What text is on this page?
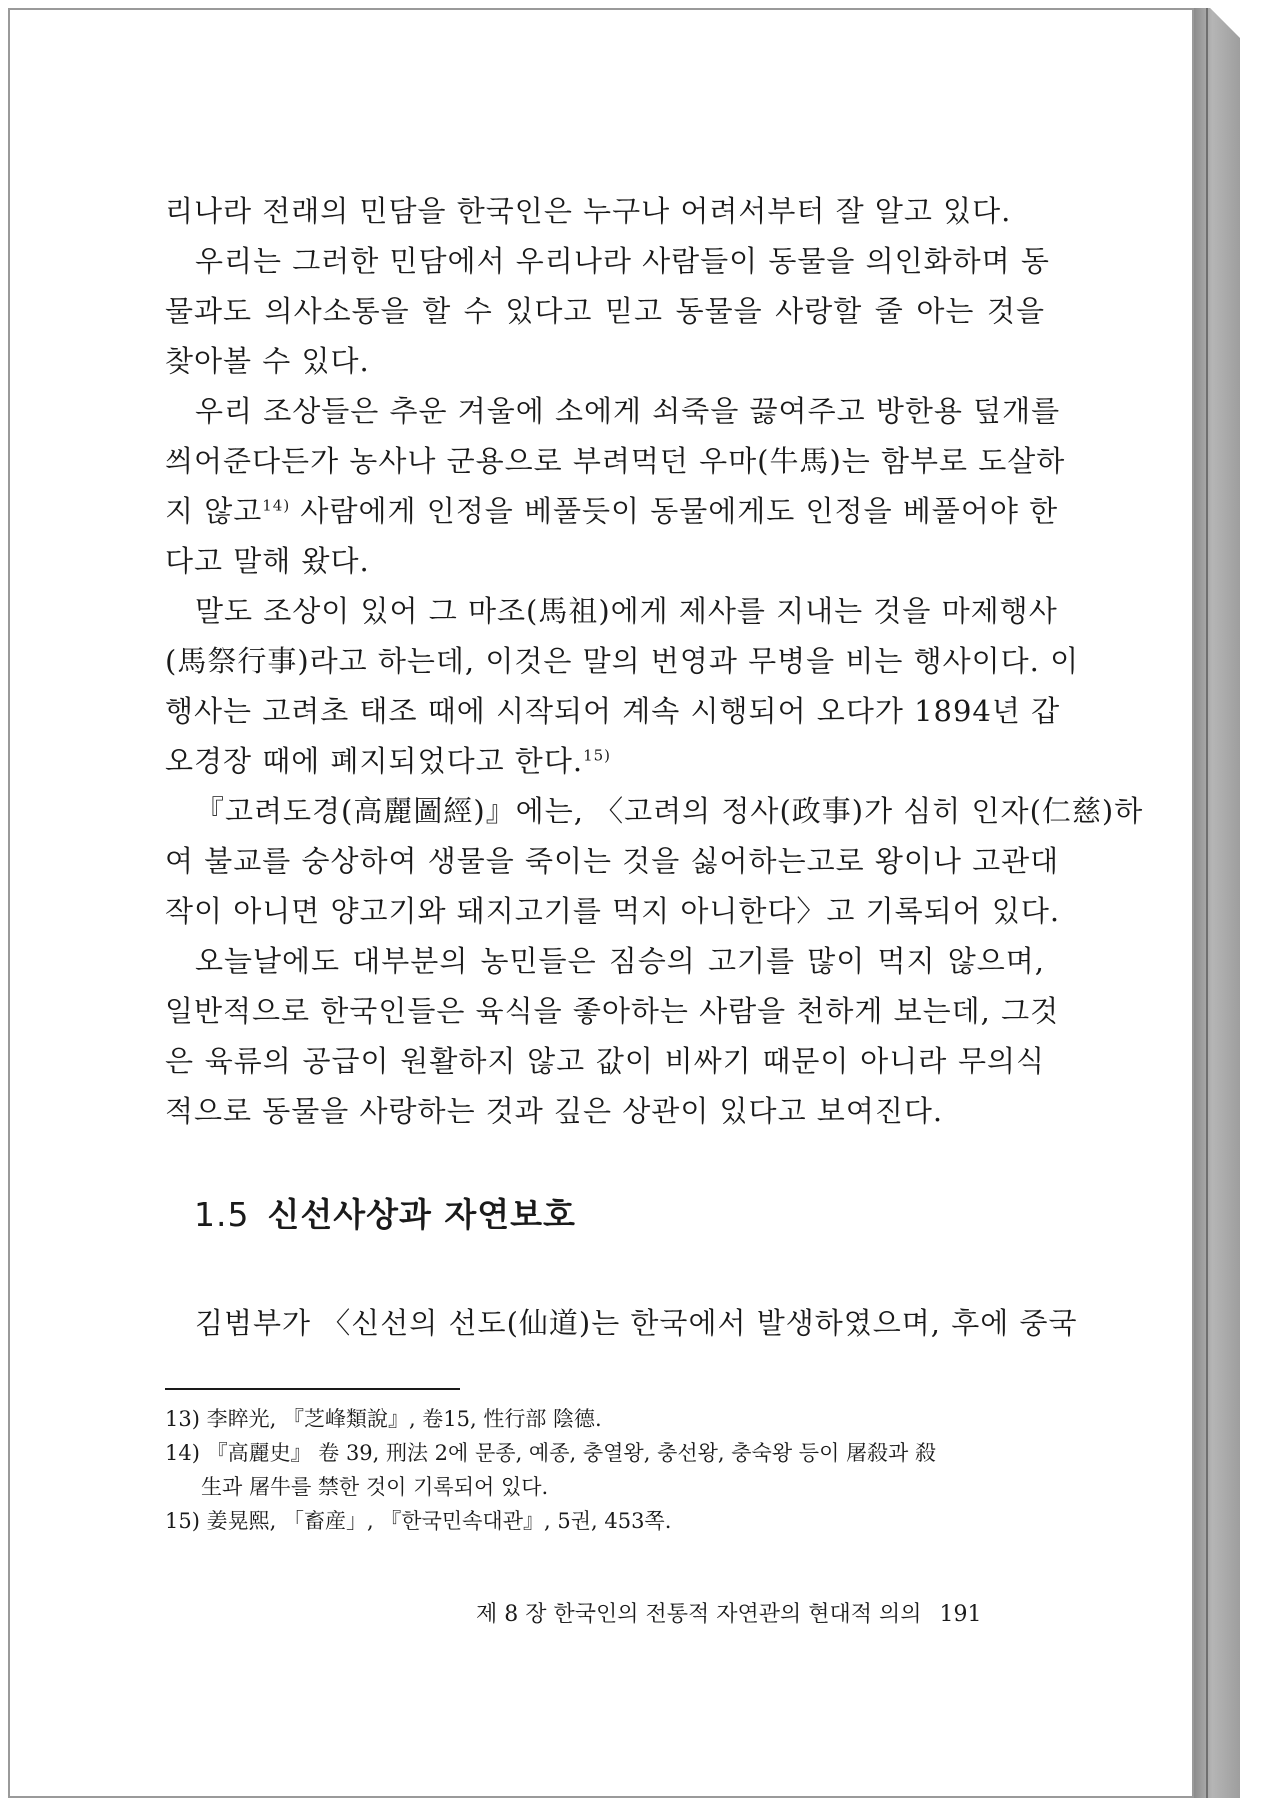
리나라 전래의 민담을 한국인은 누구나 어려서부터 잘 알고 있다.
우리는 그러한 민담에서 우리나라 사람들이 동물을 의인화하며 동
물과도 의사소통을 할 수 있다고 믿고 동물을 사랑할 줄 아는 것을
찾아볼 수 있다.
우리 조상들은 추운 겨울에 소에게 쇠죽을 끓여주고 방한용 덮개를
씌어준다든가 농사나 군용으로 부려먹던 우마(牛馬)는 함부로 도살하
지 않고$^{14)}$ 사람에게 인정을 베풀듯이 동물에게도 인정을 베풀어야 한
다고 말해 왔다.
말도 조상이 있어 그 마조(馬祖)에게 제사를 지내는 것을 마제행사
(馬祭行事)라고 하는데, 이것은 말의 번영과 무병을 비는 행사이다. 이
행사는 고려초 태조 때에 시작되어 계속 시행되어 오다가 1894년 갑
오경장 때에 폐지되었다고 한다.$^{15)}$
『고려도경(高麗圖經)』에는, 〈고려의 정사(政事)가 심히 인자(仁慈)하
여 불교를 숭상하여 생물을 죽이는 것을 싫어하는고로 왕이나 고관대
작이 아니면 양고기와 돼지고기를 먹지 아니한다〉고 기록되어 있다.
오늘날에도 대부분의 농민들은 짐승의 고기를 많이 먹지 않으며,
일반적으로 한국인들은 육식을 좋아하는 사람을 천하게 보는데, 그것
은 육류의 공급이 원활하지 않고 값이 비싸기 때문이 아니라 무의식
적으로 동물을 사랑하는 것과 깊은 상관이 있다고 보여진다.
1.5 신선사상과 자연보호
김범부가 〈신선의 선도(仙道)는 한국에서 발생하였으며, 후에 중국
13) 李睟光, 『芝峰類說』, 卷15, 性行部 陰德.
14) 『高麗史』 卷 39, 刑法 2에 문종, 예종, 충열왕, 충선왕, 충숙왕 등이 屠殺과 殺
生과 屠牛를 禁한 것이 기록되어 있다.
15) 姜晃熙, 「畜産」, 『한국민속대관』, 5권, 453쪽.
제 8 장 한국인의 전통적 자연관의 현대적 의의 191
